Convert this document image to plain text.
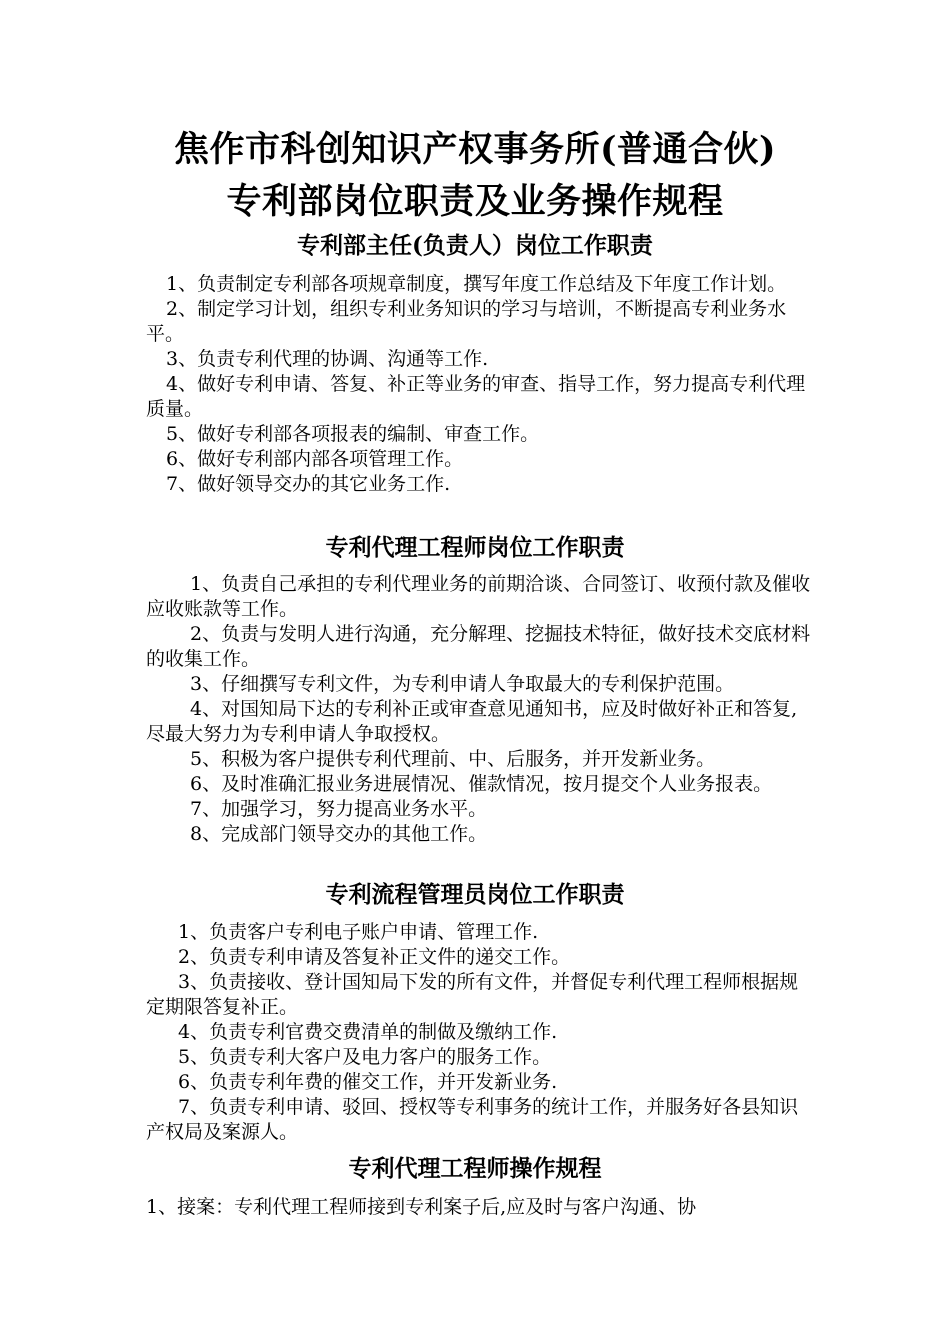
焦作市科创知识产权事务所(普通合伙)
专利部岗位职责及业务操作规程
专利部主任(负责人）岗位工作职责

1、负责制定专利部各项规章制度，撰写年度工作总结及下年度工作计划。

2、制定学习计划，组织专利业务知识的学习与培训，不断提高专利业务水平。

3、负责专利代理的协调、沟通等工作.

4、做好专利申请、答复、补正等业务的审查、指导工作，努力提高专利代理质量。

5、做好专利部各项报表的编制、审查工作。

6、做好专利部内部各项管理工作。

7、做好领导交办的其它业务工作.

专利代理工程师岗位工作职责

1、负责自己承担的专利代理业务的前期洽谈、合同签订、收预付款及催收应收账款等工作。

2、负责与发明人进行沟通，充分解理、挖掘技术特征，做好技术交底材料的收集工作。

3、仔细撰写专利文件，为专利申请人争取最大的专利保护范围。

4、对国知局下达的专利补正或审查意见通知书，应及时做好补正和答复,尽最大努力为专利申请人争取授权。

5、积极为客户提供专利代理前、中、后服务，并开发新业务。

6、及时准确汇报业务进展情况、催款情况，按月提交个人业务报表。

7、加强学习，努力提高业务水平。

8、完成部门领导交办的其他工作。

专利流程管理员岗位工作职责

1、负责客户专利电子账户申请、管理工作.

2、负责专利申请及答复补正文件的递交工作。

3、负责接收、登计国知局下发的所有文件，并督促专利代理工程师根据规定期限答复补正。

4、负责专利官费交费清单的制做及缴纳工作.

5、负责专利大客户及电力客户的服务工作。

6、负责专利年费的催交工作，并开发新业务.

7、负责专利申请、驳回、授权等专利事务的统计工作，并服务好各县知识产权局及案源人。

专利代理工程师操作规程

1、接案：专利代理工程师接到专利案子后,应及时与客户沟通、协
